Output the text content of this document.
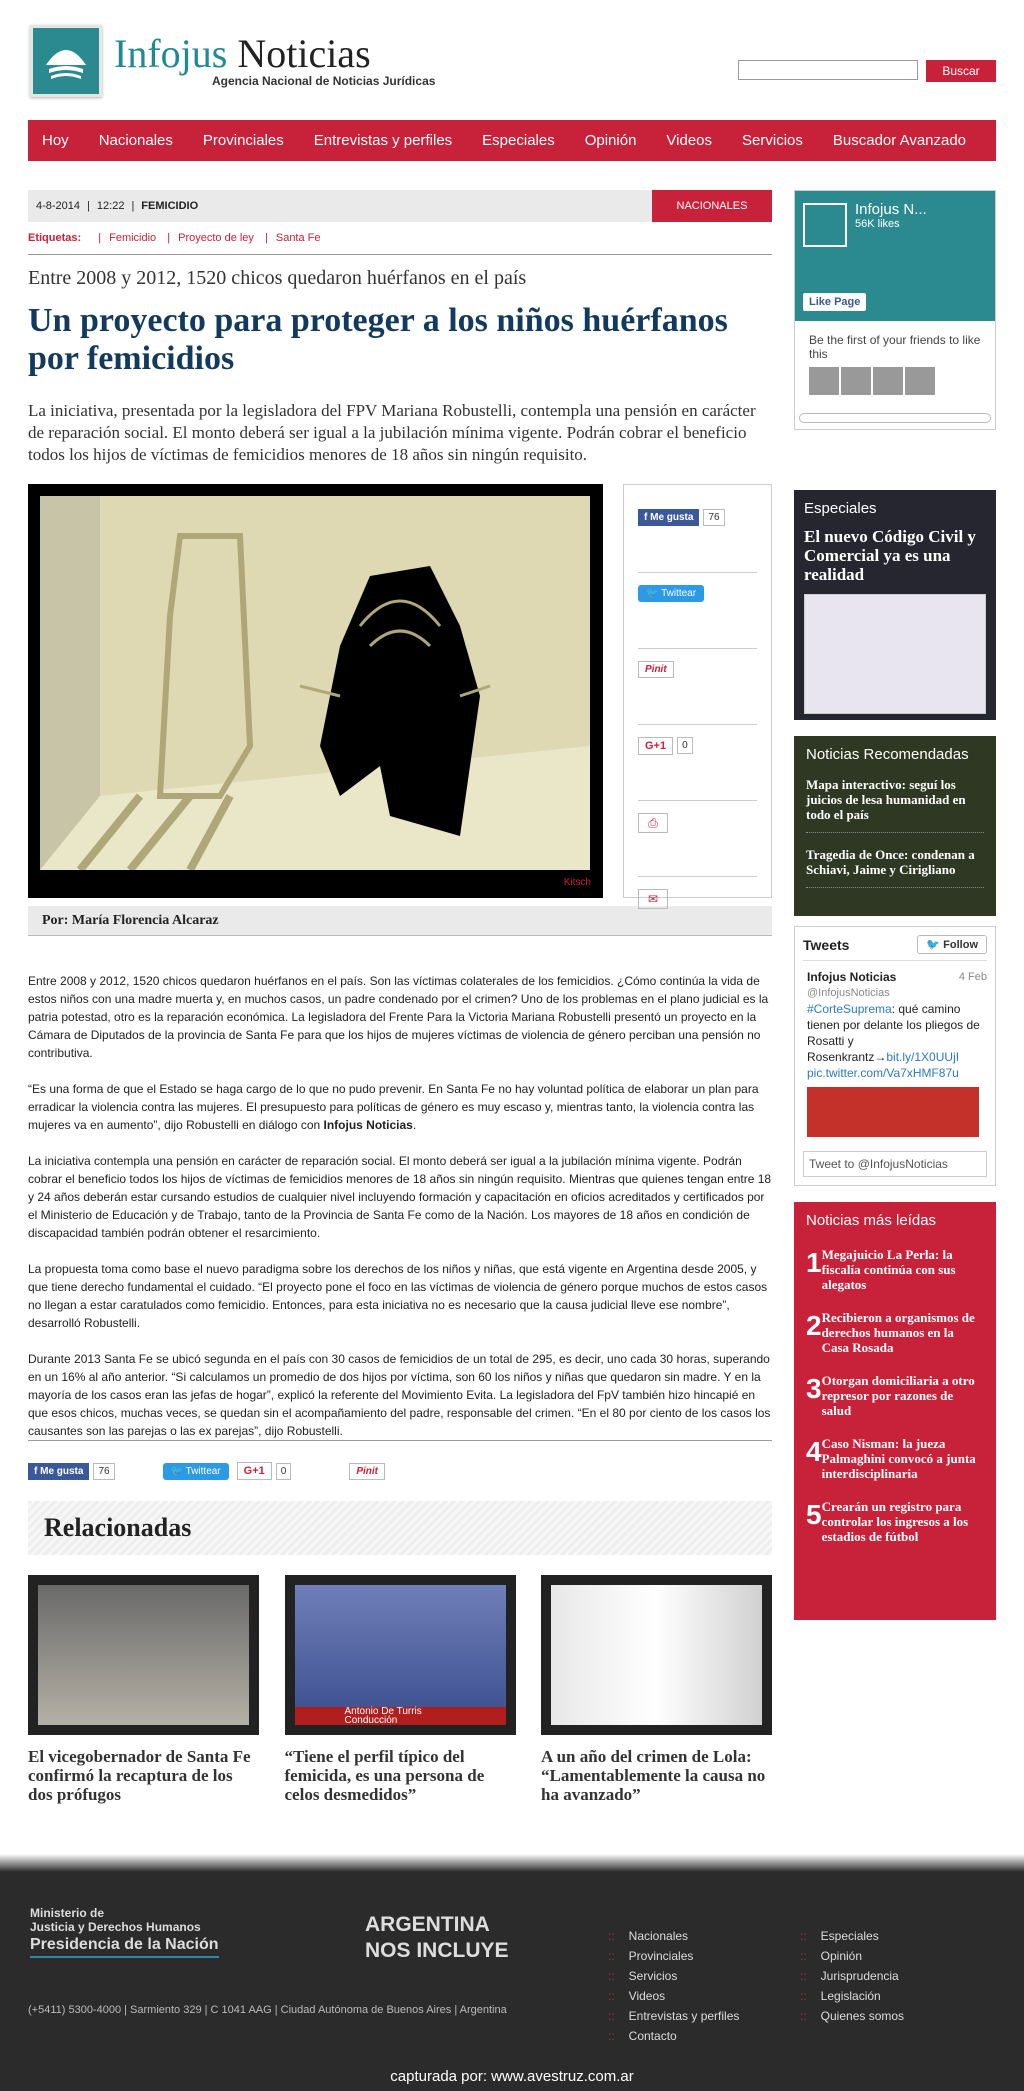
Infojus Noticias
Agencia Nacional de Noticias Jurídicas
Buscar
Hoy Nacionales Provinciales Entrevistas y perfiles Especiales Opinión Videos Servicios Buscador Avanzado
4-8-2014 | 12:22 | FEMICIDIO	NACIONALES
Etiquetas: | Femicidio | Proyecto de ley | Santa Fe
Entre 2008 y 2012, 1520 chicos quedaron huérfanos en el país
Un proyecto para proteger a los niños huérfanos por femicidios
La iniciativa, presentada por la legisladora del FPV Mariana Robustelli, contempla una pensión en carácter de reparación social. El monto deberá ser igual a la jubilación mínima vigente. Podrán cobrar el beneficio todos los hijos de víctimas de femicidios menores de 18 años sin ningún requisito.
Kitsch
f Me gusta	76
🐦 Twittear
Pinit
G+1	0
⎙
✉
Por: María Florencia Alcaraz

Entre 2008 y 2012, 1520 chicos quedaron huérfanos en el país. Son las víctimas colaterales de los femicidios. ¿Cómo continúa la vida de estos niños con una madre muerta y, en muchos casos, un padre condenado por el crimen? Uno de los problemas en el plano judicial es la patria potestad, otro es la reparación económica. La legisladora del Frente Para la Victoria Mariana Robustelli presentó un proyecto en la Cámara de Diputados de la provincia de Santa Fe para que los hijos de mujeres víctimas de violencia de género perciban una pensión no contributiva.

“Es una forma de que el Estado se haga cargo de lo que no pudo prevenir. En Santa Fe no hay voluntad política de elaborar un plan para erradicar la violencia contra las mujeres. El presupuesto para políticas de género es muy escaso y, mientras tanto, la violencia contra las mujeres va en aumento”, dijo Robustelli en diálogo con Infojus Noticias.

La iniciativa contempla una pensión en carácter de reparación social. El monto deberá ser igual a la jubilación mínima vigente. Podrán cobrar el beneficio todos los hijos de víctimas de femicidios menores de 18 años sin ningún requisito. Mientras que quienes tengan entre 18 y 24 años deberán estar cursando estudios de cualquier nivel incluyendo formación y capacitación en oficios acreditados y certificados por el Ministerio de Educación y de Trabajo, tanto de la Provincia de Santa Fe como de la Nación. Los mayores de 18 años en condición de discapacidad también podrán obtener el resarcimiento.

La propuesta toma como base el nuevo paradigma sobre los derechos de los niños y niñas, que está vigente en Argentina desde 2005, y que tiene derecho fundamental el cuidado. “El proyecto pone el foco en las víctimas de violencia de género porque muchos de estos casos no llegan a estar caratulados como femicidio. Entonces, para esta iniciativa no es necesario que la causa judicial lleve ese nombre”, desarrolló Robustelli.

Durante 2013 Santa Fe se ubicó segunda en el país con 30 casos de femicidios de un total de 295, es decir, uno cada 30 horas, superando en un 16% al año anterior. “Si calculamos un promedio de dos hijos por víctima, son 60 los niños y niñas que quedaron sin madre. Y en la mayoría de los casos eran las jefas de hogar”, explicó la referente del Movimiento Evita. La legisladora del FpV también hizo hincapié en que esos chicos, muchas veces, se quedan sin el acompañamiento del padre, responsable del crimen. “En el 80 por ciento de los casos los causantes son las parejas o las ex parejas”, dijo Robustelli.

f Me gusta	76	🐦 Twittear	G+1	0	Pinit
Relacionadas
El vicegobernador de Santa Fe confirmó la recaptura de los dos prófugos
Antonio De Turris
Conducción
“Tiene el perfil típico del femicida, es una persona de celos desmedidos”
A un año del crimen de Lola: “Lamentablemente la causa no ha avanzado”
Infojus N...
56K likes
Like Page
Be the first of your friends to like this
Especiales
El nuevo Código Civil y Comercial ya es una realidad
Noticias Recomendadas
Mapa interactivo: seguí los juicios de lesa humanidad en todo el país
Tragedia de Once: condenan a Schiavi, Jaime y Cirigliano
Tweets	🐦 Follow
Infojus Noticias	4 Feb
@InfojusNoticias
#CorteSuprema: qué camino tienen por delante los pliegos de Rosatti y Rosenkrantz→bit.ly/1X0UUjI
pic.twitter.com/Va7xHMF87u
Tweet to @InfojusNoticias
Noticias más leídas
1 Megajuicio La Perla: la fiscalía continúa con sus alegatos
2 Recibieron a organismos de derechos humanos en la Casa Rosada
3 Otorgan domiciliaria a otro represor por razones de salud
4 Caso Nisman: la jueza Palmaghini convocó a junta interdisciplinaria
5 Crearán un registro para controlar los ingresos a los estadios de fútbol
Ministerio de
Justicia y Derechos Humanos
Presidencia de la Nación
ARGENTINA
NOS INCLUYE
(+5411) 5300-4000 | Sarmiento 329 | C 1041 AAG | Ciudad Autónoma de Buenos Aires | Argentina
:: Nacionales
:: Provinciales
:: Servicios
:: Videos
:: Entrevistas y perfiles
:: Contacto
:: Especiales
:: Opinión
:: Jurisprudencia
:: Legislación
:: Quienes somos
capturada por: www.avestruz.com.ar
